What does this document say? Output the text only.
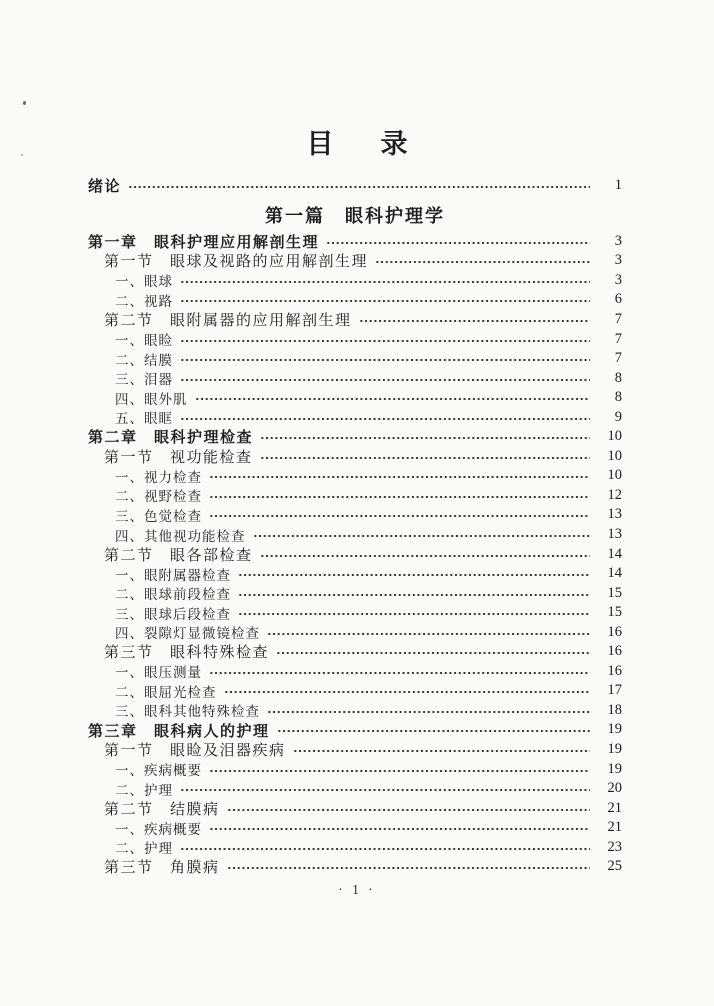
目　录
绪论	1
第一篇　眼科护理学
第一章　眼科护理应用解剖生理	3
第一节　眼球及视路的应用解剖生理	3
一、眼球	3
二、视路	6
第二节　眼附属器的应用解剖生理	7
一、眼睑	7
二、结膜	7
三、泪器	8
四、眼外肌	8
五、眼眶	9
第二章　眼科护理检查	10
第一节　视功能检查	10
一、视力检查	10
二、视野检查	12
三、色觉检查	13
四、其他视功能检查	13
第二节　眼各部检查	14
一、眼附属器检查	14
二、眼球前段检查	15
三、眼球后段检查	15
四、裂隙灯显微镜检查	16
第三节　眼科特殊检查	16
一、眼压测量	16
二、眼屈光检查	17
三、眼科其他特殊检查	18
第三章　眼科病人的护理	19
第一节　眼睑及泪器疾病	19
一、疾病概要	19
二、护理	20
第二节　结膜病	21
一、疾病概要	21
二、护理	23
第三节　角膜病	25
· 1 ·
